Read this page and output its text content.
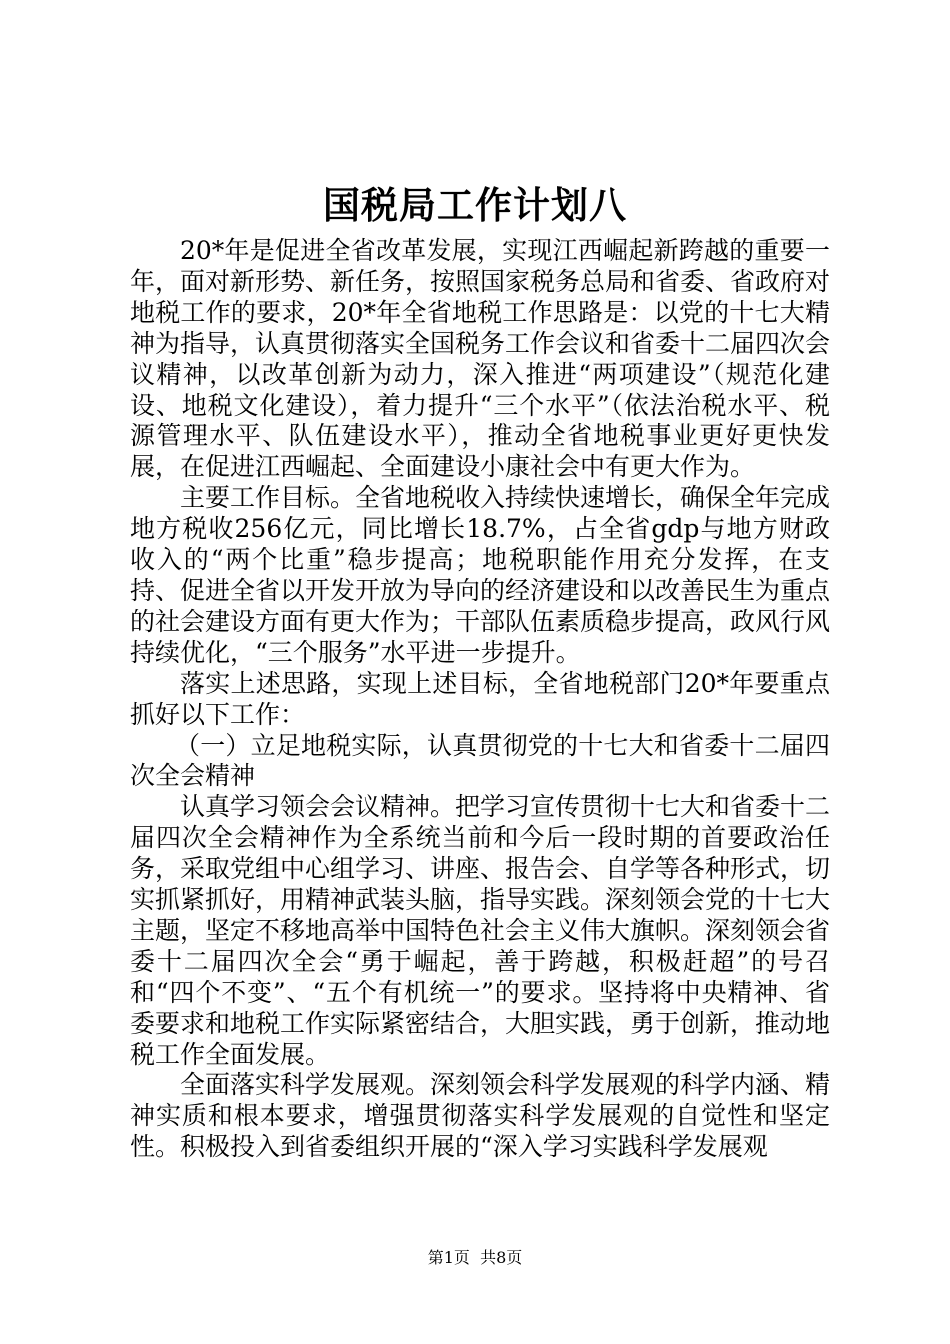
国税局工作计划八

20*年是促进全省改革发展，实现江西崛起新跨越的重要一年，面对新形势、新任务，按照国家税务总局和省委、省政府对地税工作的要求，20*年全省地税工作思路是：以党的十七大精神为指导，认真贯彻落实全国税务工作会议和省委十二届四次会议精神，以改革创新为动力，深入推进“两项建设”（规范化建设、地税文化建设），着力提升“三个水平”（依法治税水平、税源管理水平、队伍建设水平），推动全省地税事业更好更快发展，在促进江西崛起、全面建设小康社会中有更大作为。

主要工作目标。全省地税收入持续快速增长，确保全年完成地方税收256亿元，同比增长18.7%，占全省gdp与地方财政收入的“两个比重”稳步提高；地税职能作用充分发挥，在支持、促进全省以开发开放为导向的经济建设和以改善民生为重点的社会建设方面有更大作为；干部队伍素质稳步提高，政风行风持续优化，“三个服务”水平进一步提升。

落实上述思路，实现上述目标，全省地税部门20*年要重点抓好以下工作：

（一）立足地税实际，认真贯彻党的十七大和省委十二届四次全会精神

认真学习领会会议精神。把学习宣传贯彻十七大和省委十二届四次全会精神作为全系统当前和今后一段时期的首要政治任务，采取党组中心组学习、讲座、报告会、自学等各种形式，切实抓紧抓好，用精神武装头脑，指导实践。深刻领会党的十七大主题，坚定不移地高举中国特色社会主义伟大旗帜。深刻领会省委十二届四次全会“勇于崛起，善于跨越，积极赶超”的号召和“四个不变”、“五个有机统一”的要求。坚持将中央精神、省委要求和地税工作实际紧密结合，大胆实践，勇于创新，推动地税工作全面发展。

全面落实科学发展观。深刻领会科学发展观的科学内涵、精神实质和根本要求，增强贯彻落实科学发展观的自觉性和坚定性。积极投入到省委组织开展的“深入学习实践科学发展观

第1页 共8页
